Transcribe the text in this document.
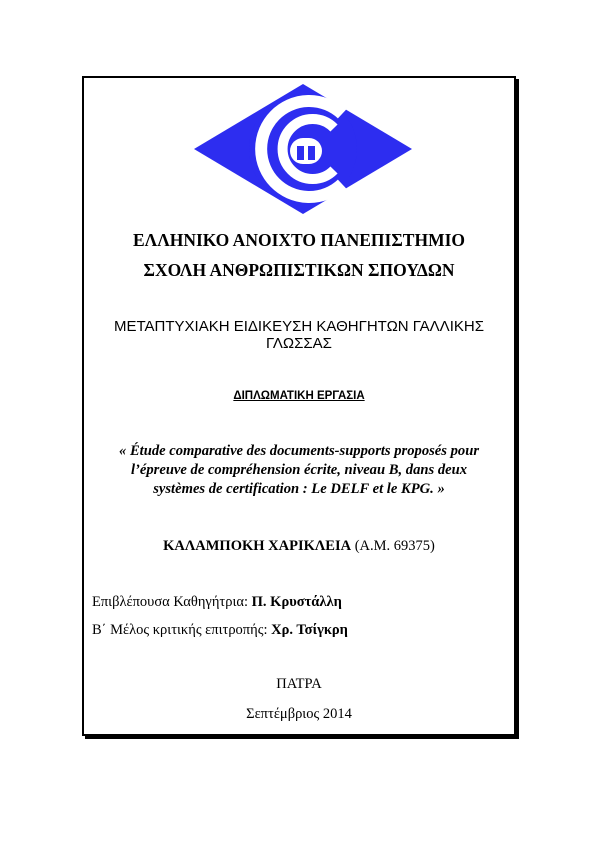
ΕΛΛΗΝΙΚΟ ΑΝΟΙΧΤΟ ΠΑΝΕΠΙΣΤΗΜΙΟ
ΣΧΟΛΗ ΑΝΘΡΩΠΙΣΤΙΚΩΝ ΣΠΟΥΔΩΝ
ΜΕΤΑΠΤΥΧΙΑΚΗ ΕΙΔΙΚΕΥΣΗ ΚΑΘΗΓΗΤΩΝ ΓΑΛΛΙΚΗΣ
ΓΛΩΣΣΑΣ
ΔΙΠΛΩΜΑΤΙΚΗ ΕΡΓΑΣΙΑ
« Étude comparative des documents-supports proposés pour
l’épreuve de compréhension écrite, niveau B, dans deux
systèmes de certification : Le DELF et le KPG. »
ΚΑΛΑΜΠΟΚΗ ΧΑΡΙΚΛΕΙΑ (Α.Μ. 69375)
Επιβλέπουσα Καθηγήτρια: Π. Κρυστάλλη
Β΄ Μέλος κριτικής επιτροπής: Χρ. Τσίγκρη
ΠΑΤΡΑ
Σεπτέμβριος 2014
